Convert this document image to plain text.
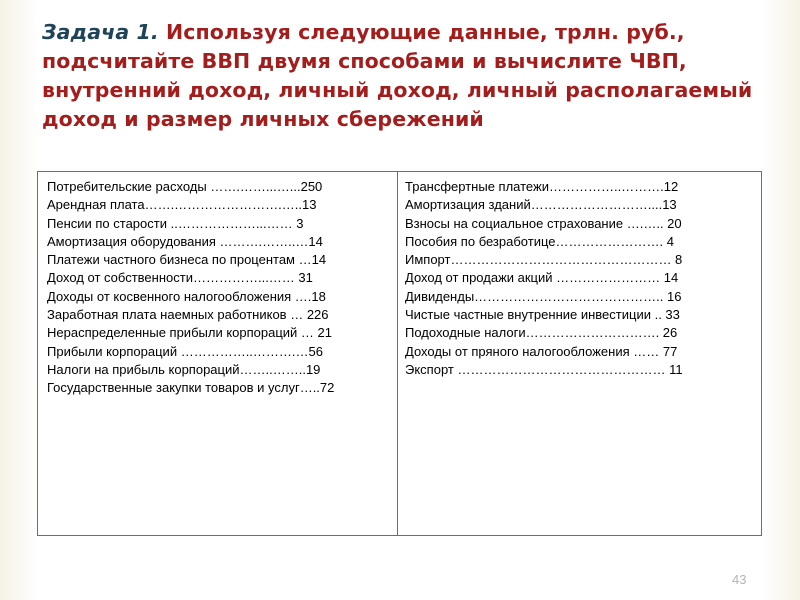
Задача 1. Используя следующие данные, трлн. руб., подсчитайте ВВП двумя способами и вычислите ЧВП, внутренний доход, личный доход, личный располагаемый доход и размер личных сбережений

Потребительские расходы …….……...…...250

Арендная плата…….…………………….…..13

Пенсии по старости ..………………...…… 3

Амортизация оборудования ……….……..…14

Платежи частного бизнеса по процентам …14

Доход от собственности……………...…… 31

Доходы от косвенного налогообложения ….18

Заработная плата наемных работников … 226

Нераспределенные прибыли корпораций … 21

Прибыли корпораций ……………..……….…56

Налоги на прибыль корпораций……..……..19

Государственные закупки товаров и услуг…..72

Трансфертные платежи……………..……….12

Амортизация зданий………………………....13

Взносы на социальное страхование ….….. 20

Пособия по безработице……………………. 4

Импорт…………………………………………… 8

Доход от продажи акций …………………… 14

Дивиденды…………………………………….. 16

Чистые частные внутренние инвестиции .. 33

Подоходные налоги…………………………. 26

Доходы от пряного налогообложения …… 77

Экспорт ………………………………………… 11

43
